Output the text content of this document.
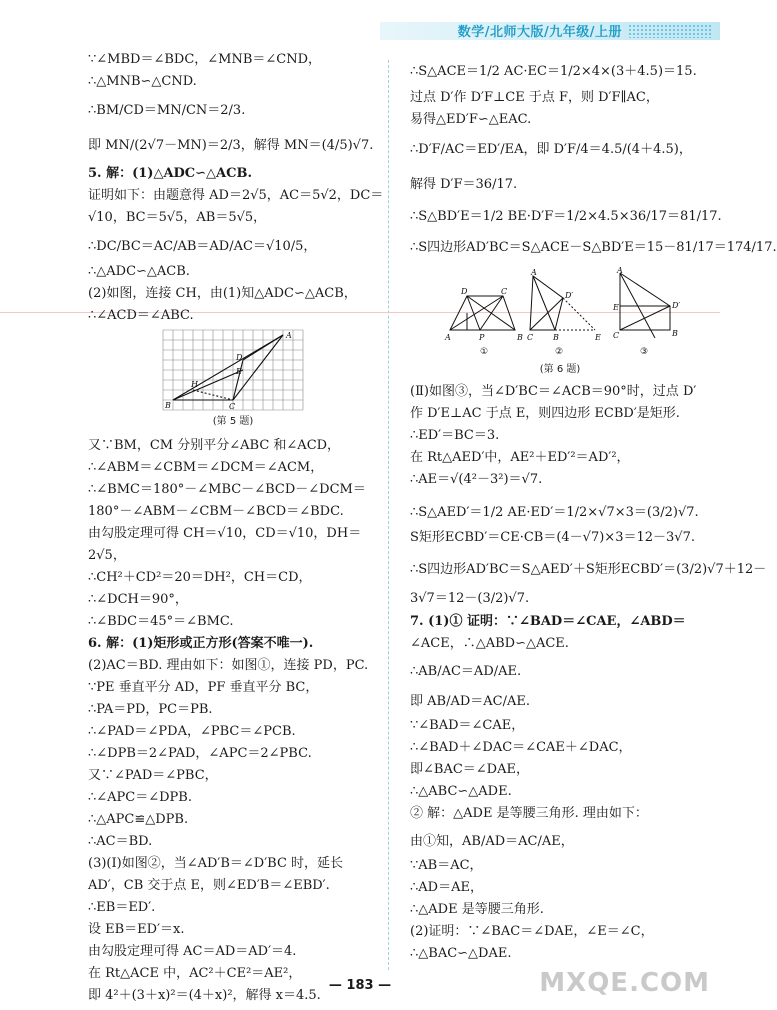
数学/北师大版/九年级/上册

∵∠MBD＝∠BDC，∠MNB＝∠CND，

∴△MNB∽△CND.

∴BM/CD＝MN/CN＝2/3.

即 MN/(2√7－MN)＝2/3，解得 MN＝(4/5)√7.

5. 解：(1)△ADC∽△ACB.

证明如下：由题意得 AD＝2√5，AC＝5√2，DC＝

√10，BC＝5√5，AB＝5√5，

∴DC/BC＝AC/AB＝AD/AC＝√10/5，

∴△ADC∽△ACB.

(2)如图，连接 CH，由(1)知△ADC∽△ACB，

∴∠ACD＝∠ABC.

A
D
E
H
B	C
(第 5 题)

又∵BM，CM 分别平分∠ABC 和∠ACD，

∴∠ABM＝∠CBM＝∠DCM＝∠ACM，

∴∠BMC＝180°－∠MBC－∠BCD－∠DCM＝

180°－∠ABM－∠CBM－∠BCD＝∠BDC.

由勾股定理可得 CH＝√10，CD＝√10，DH＝

2√5，

∴CH²＋CD²＝20＝DH²，CH＝CD，

∴∠DCH＝90°，

∴∠BDC＝45°＝∠BMC.

6. 解：(1)矩形或正方形(答案不唯一).

(2)AC＝BD. 理由如下：如图①，连接 PD，PC.

∵PE 垂直平分 AD，PF 垂直平分 BC，

∴PA＝PD，PC＝PB.

∴∠PAD＝∠PDA，∠PBC＝∠PCB.

∴∠DPB＝2∠PAD，∠APC＝2∠PBC.

又∵∠PAD＝∠PBC，

∴∠APC＝∠DPB.

∴△APC≌△DPB.

∴AC＝BD.

(3)(Ⅰ)如图②，当∠AD′B＝∠D′BC 时，延长

AD′，CB 交于点 E，则∠ED′B＝∠EBD′.

∴EB＝ED′.

设 EB＝ED′＝x.

由勾股定理可得 AC＝AD＝AD′＝4.

在 Rt△ACE 中，AC²＋CE²＝AE²，

即 4²＋(3＋x)²＝(4＋x)²，解得 x＝4.5.

∴S△ACE＝1/2 AC·EC＝1/2×4×(3＋4.5)＝15.

过点 D′作 D′F⊥CE 于点 F，则 D′F∥AC，

易得△ED′F∽△EAC.

∴D′F/AC＝ED′/EA，即 D′F/4＝4.5/(4＋4.5)，

解得 D′F＝36/17.

∴S△BD′E＝1/2 BE·D′F＝1/2×4.5×36/17＝81/17.

∴S四边形AD′BC＝S△ACE－S△BD′E＝15－81/17＝174/17.

A	P	B
C
D
A
C B
D′
E
A
E
C
D′
B
①	②	③
(第 6 题)

(Ⅱ)如图③，当∠D′BC＝∠ACB＝90°时，过点 D′

作 D′E⊥AC 于点 E，则四边形 ECBD′是矩形.

∴ED′＝BC＝3.

在 Rt△AED′中，AE²＋ED′²＝AD′²，

∴AE＝√(4²－3²)＝√7.

∴S△AED′＝1/2 AE·ED′＝1/2×√7×3＝(3/2)√7.

S矩形ECBD′＝CE·CB＝(4－√7)×3＝12－3√7.

∴S四边形AD′BC＝S△AED′＋S矩形ECBD′＝(3/2)√7＋12－

3√7＝12－(3/2)√7.

7. (1)① 证明：∵∠BAD＝∠CAE，∠ABD＝

∠ACE，∴△ABD∽△ACE.

∴AB/AC＝AD/AE.

即 AB/AD＝AC/AE.

∵∠BAD＝∠CAE，

∴∠BAD＋∠DAC＝∠CAE＋∠DAC，

即∠BAC＝∠DAE，

∴△ABC∽△ADE.

② 解：△ADE 是等腰三角形. 理由如下：

由①知，AB/AD＝AC/AE，

∵AB＝AC，

∴AD＝AE，

∴△ADE 是等腰三角形.

(2)证明：∵∠BAC＝∠DAE，∠E＝∠C，

∴△BAC∽△DAE.

— 183 —	MXQE.COM
